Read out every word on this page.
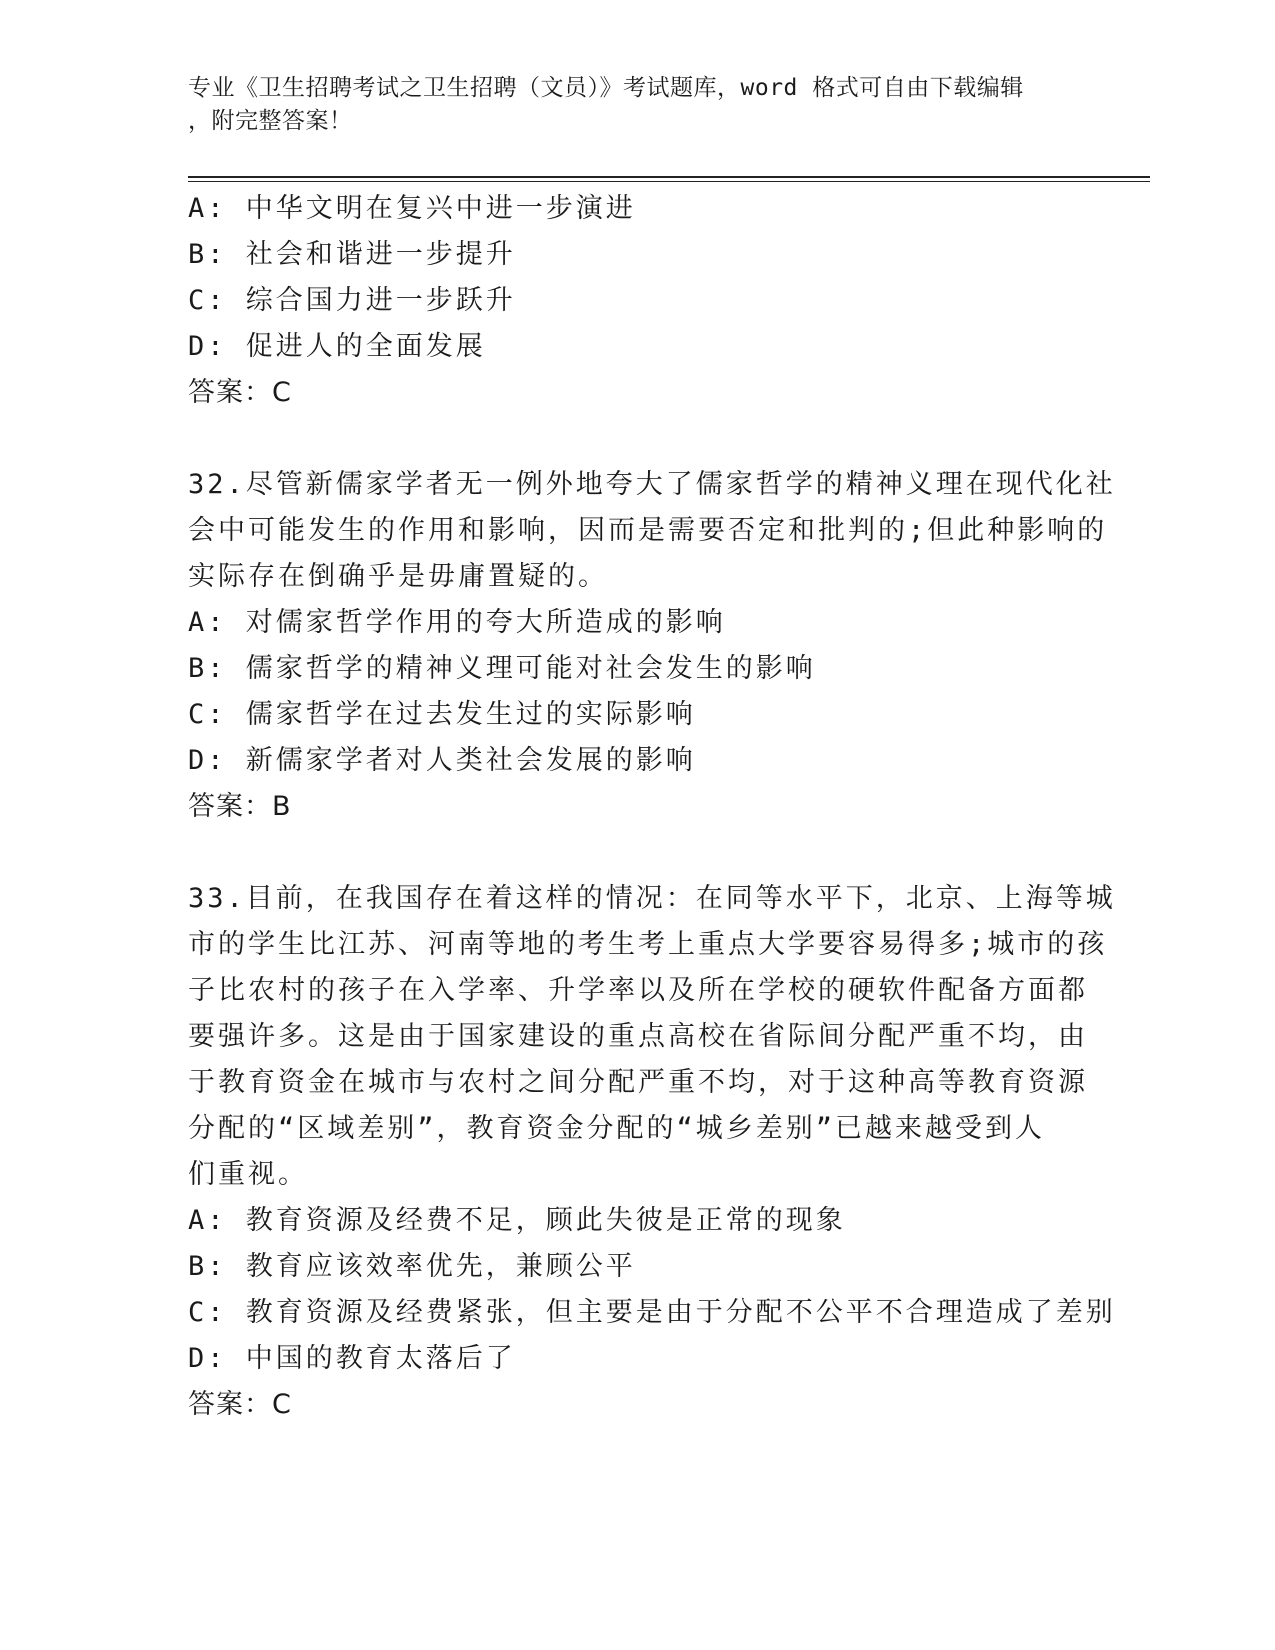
专业《卫生招聘考试之卫生招聘（文员）》考试题库，word 格式可自由下载编辑
，附完整答案！
A: 中华文明在复兴中进一步演进
B: 社会和谐进一步提升
C: 综合国力进一步跃升
D: 促进人的全面发展
答案：C
32.尽管新儒家学者无一例外地夸大了儒家哲学的精神义理在现代化社
会中可能发生的作用和影响，因而是需要否定和批判的;但此种影响的
实际存在倒确乎是毋庸置疑的。
A: 对儒家哲学作用的夸大所造成的影响
B: 儒家哲学的精神义理可能对社会发生的影响
C: 儒家哲学在过去发生过的实际影响
D: 新儒家学者对人类社会发展的影响
答案：B
33.目前，在我国存在着这样的情况：在同等水平下，北京、上海等城
市的学生比江苏、河南等地的考生考上重点大学要容易得多;城市的孩
子比农村的孩子在入学率、升学率以及所在学校的硬软件配备方面都
要强许多。这是由于国家建设的重点高校在省际间分配严重不均，由
于教育资金在城市与农村之间分配严重不均，对于这种高等教育资源
分配的“区域差别”，教育资金分配的“城乡差别”已越来越受到人
们重视。
A: 教育资源及经费不足，顾此失彼是正常的现象
B: 教育应该效率优先，兼顾公平
C: 教育资源及经费紧张，但主要是由于分配不公平不合理造成了差别
D: 中国的教育太落后了
答案：C
